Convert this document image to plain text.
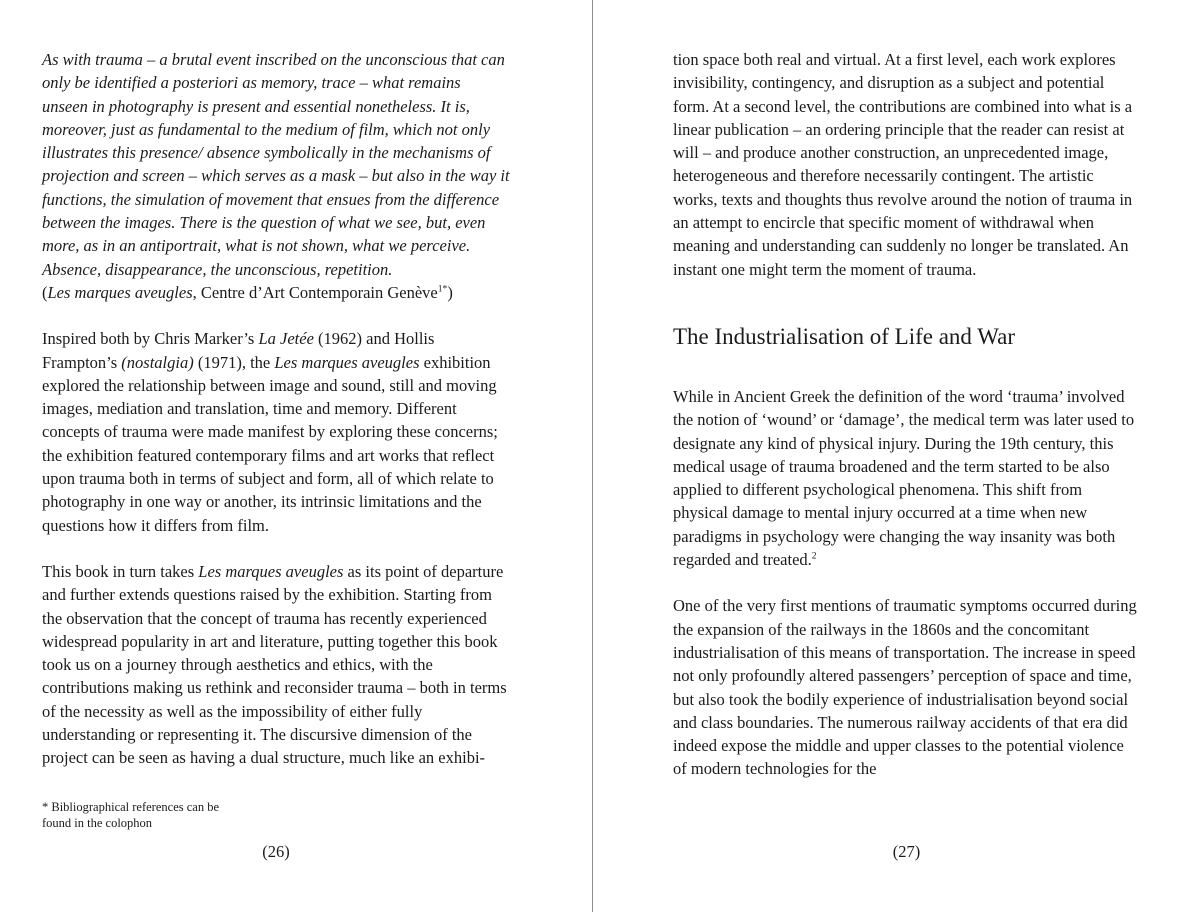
As with trauma – a brutal event inscribed on the unconscious that can only be identified a posteriori as memory, trace – what remains unseen in photography is present and essential nonetheless. It is, moreover, just as fundamental to the medium of film, which not only illustrates this presence/ absence symbolically in the mechanisms of projection and screen – which serves as a mask – but also in the way it functions, the simulation of movement that ensues from the difference between the images. There is the question of what we see, but, even more, as in an antiportrait, what is not shown, what we perceive. Absence, disappearance, the unconscious, repetition.
(Les marques aveugles, Centre d’Art Contemporain Genève$^{1*}$)

Inspired both by Chris Marker’s La Jetée (1962) and Hollis Frampton’s (nostalgia) (1971), the Les marques aveugles exhibition explored the relationship between image and sound, still and moving images, mediation and translation, time and memory. Different concepts of trauma were made manifest by exploring these concerns; the exhibition featured contemporary films and art works that reflect upon trauma both in terms of subject and form, all of which relate to photography in one way or another, its intrinsic limitations and the questions how it differs from film.

This book in turn takes Les marques aveugles as its point of departure and further extends questions raised by the exhibition. Starting from the observation that the concept of trauma has recently experienced widespread popularity in art and literature, putting together this book took us on a journey through aesthetics and ethics, with the contributions making us rethink and reconsider trauma – both in terms of the necessity as well as the impossibility of either fully understanding or representing it. The discursive dimension of the project can be seen as having a dual structure, much like an exhibi-

* Bibliographical references can be found in the colophon
(26)

tion space both real and virtual. At a first level, each work explores invisibility, contingency, and disruption as a subject and potential form. At a second level, the contributions are combined into what is a linear publication – an ordering principle that the reader can resist at will – and produce another construction, an unprecedented image, heterogeneous and therefore necessarily contingent. The artistic works, texts and thoughts thus revolve around the notion of trauma in an attempt to encircle that specific moment of withdrawal when meaning and understanding can suddenly no longer be translated. An instant one might term the moment of trauma.

The Industrialisation of Life and War

While in Ancient Greek the definition of the word ‘trauma’ involved the notion of ‘wound’ or ‘damage’, the medical term was later used to designate any kind of physical injury. During the 19th century, this medical usage of trauma broadened and the term started to be also applied to different psychological phenomena. This shift from physical damage to mental injury occurred at a time when new paradigms in psychology were changing the way insanity was both regarded and treated.$^2$

One of the very first mentions of traumatic symptoms occurred during the expansion of the railways in the 1860s and the concomitant industrialisation of this means of transportation. The increase in speed not only profoundly altered passengers’ perception of space and time, but also took the bodily experience of industrialisation beyond social and class boundaries. The numerous railway accidents of that era did indeed expose the middle and upper classes to the potential violence of modern technologies for the

(27)
